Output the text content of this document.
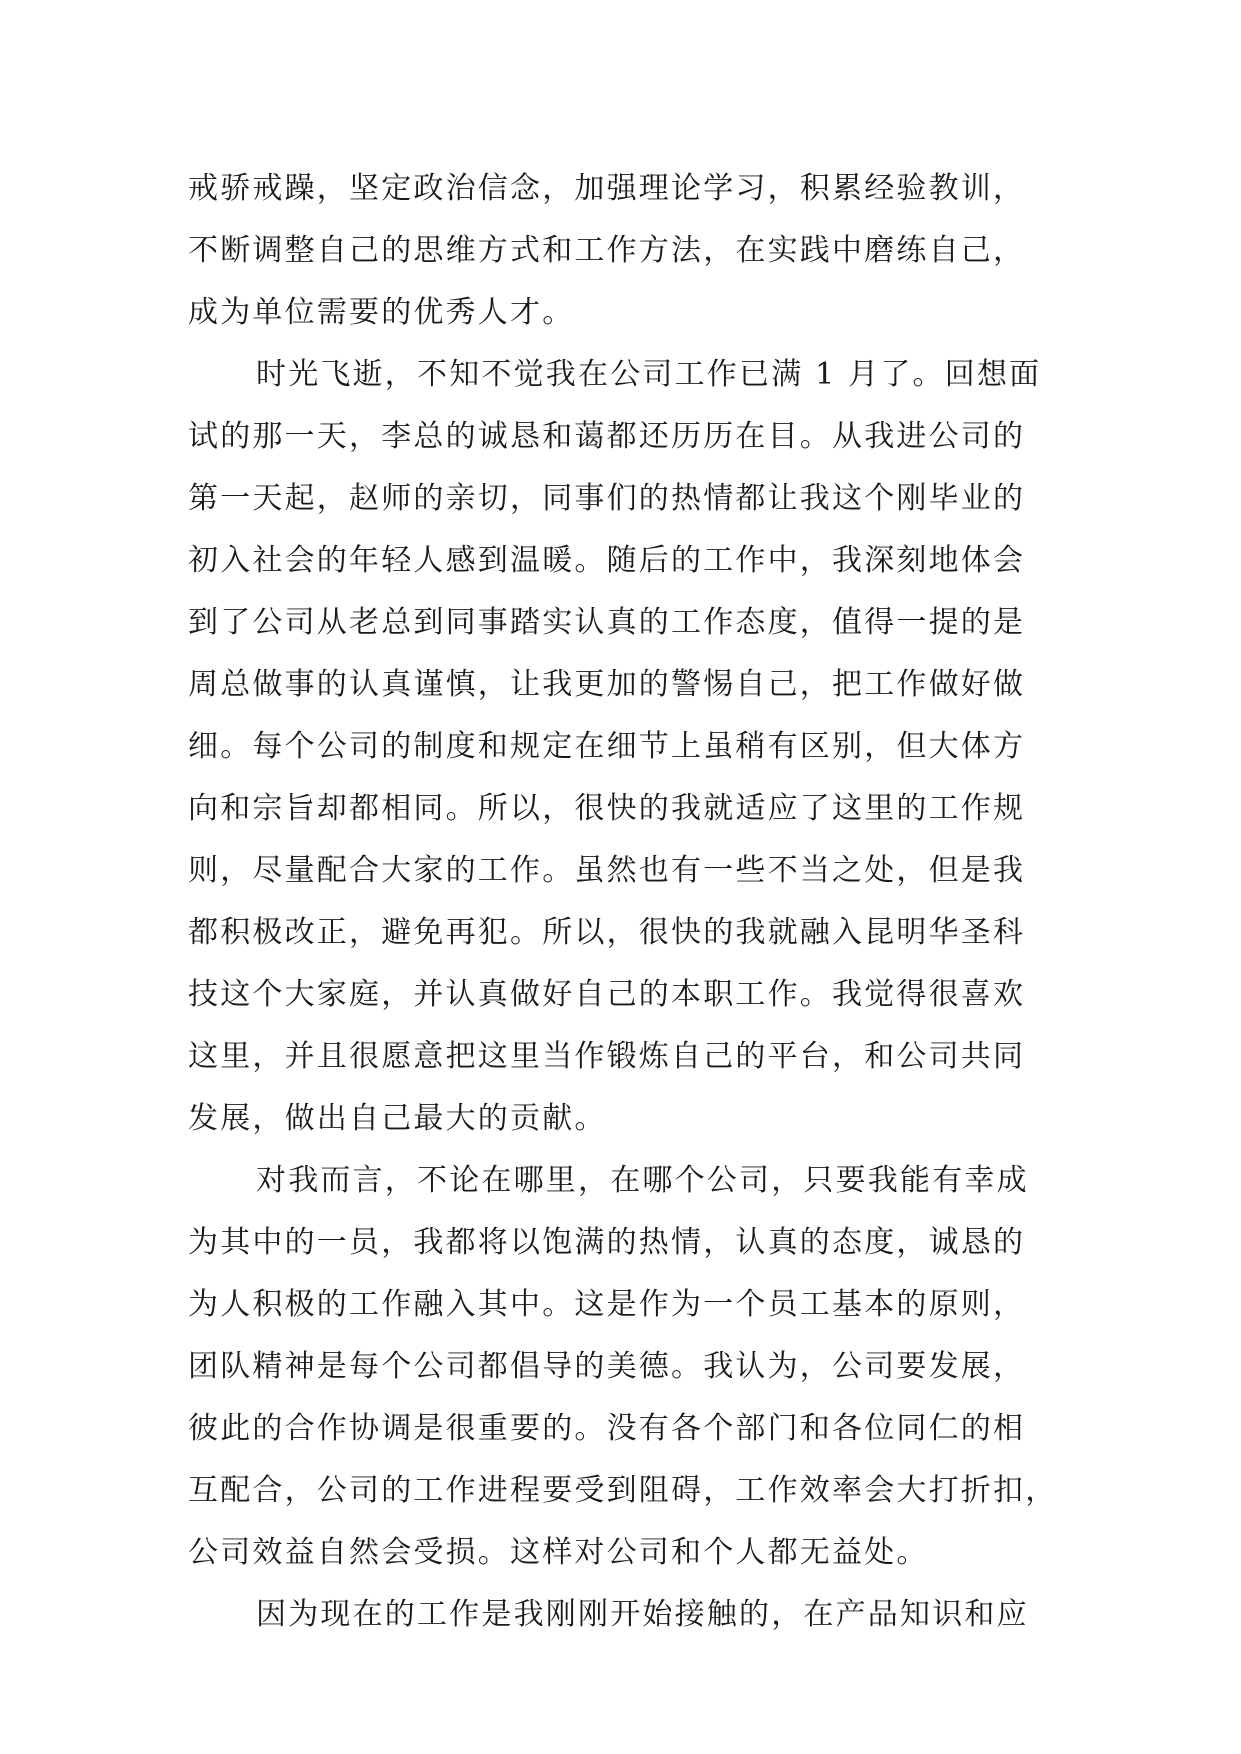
戒骄戒躁，坚定政治信念，加强理论学习，积累经验教训，
不断调整自己的思维方式和工作方法，在实践中磨练自己，
成为单位需要的优秀人才。
时光飞逝，不知不觉我在公司工作已满 1 月了。回想面
试的那一天，李总的诚恳和蔼都还历历在目。从我进公司的
第一天起，赵师的亲切，同事们的热情都让我这个刚毕业的
初入社会的年轻人感到温暖。随后的工作中，我深刻地体会
到了公司从老总到同事踏实认真的工作态度，值得一提的是
周总做事的认真谨慎，让我更加的警惕自己，把工作做好做
细。每个公司的制度和规定在细节上虽稍有区别，但大体方
向和宗旨却都相同。所以，很快的我就适应了这里的工作规
则，尽量配合大家的工作。虽然也有一些不当之处，但是我
都积极改正，避免再犯。所以，很快的我就融入昆明华圣科
技这个大家庭，并认真做好自己的本职工作。我觉得很喜欢
这里，并且很愿意把这里当作锻炼自己的平台，和公司共同
发展，做出自己最大的贡献。
对我而言，不论在哪里，在哪个公司，只要我能有幸成
为其中的一员，我都将以饱满的热情，认真的态度，诚恳的
为人积极的工作融入其中。这是作为一个员工基本的原则，
团队精神是每个公司都倡导的美德。我认为，公司要发展，
彼此的合作协调是很重要的。没有各个部门和各位同仁的相
互配合，公司的工作进程要受到阻碍，工作效率会大打折扣，
公司效益自然会受损。这样对公司和个人都无益处。
因为现在的工作是我刚刚开始接触的，在产品知识和应
